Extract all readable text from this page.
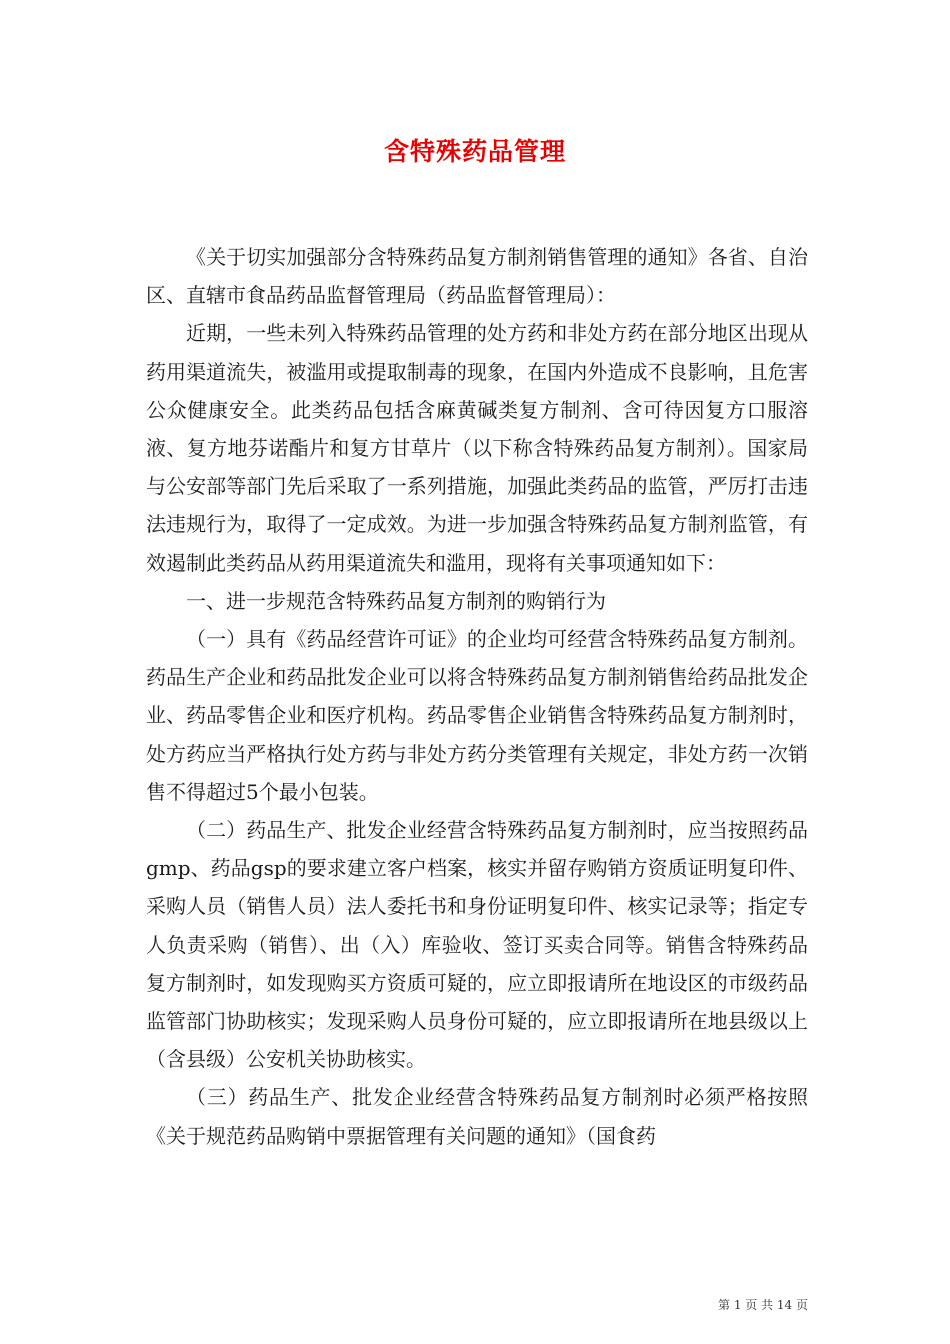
含特殊药品管理

《关于切实加强部分含特殊药品复方制剂销售管理的通知》各省、自治区、直辖市食品药品监督管理局（药品监督管理局）：

近期，一些未列入特殊药品管理的处方药和非处方药在部分地区出现从药用渠道流失，被滥用或提取制毒的现象，在国内外造成不良影响，且危害公众健康安全。此类药品包括含麻黄碱类复方制剂、含可待因复方口服溶液、复方地芬诺酯片和复方甘草片（以下称含特殊药品复方制剂）。国家局与公安部等部门先后采取了一系列措施，加强此类药品的监管，严厉打击违法违规行为，取得了一定成效。为进一步加强含特殊药品复方制剂监管，有效遏制此类药品从药用渠道流失和滥用，现将有关事项通知如下：

一、进一步规范含特殊药品复方制剂的购销行为

（一）具有《药品经营许可证》的企业均可经营含特殊药品复方制剂。药品生产企业和药品批发企业可以将含特殊药品复方制剂销售给药品批发企业、药品零售企业和医疗机构。药品零售企业销售含特殊药品复方制剂时，处方药应当严格执行处方药与非处方药分类管理有关规定，非处方药一次销售不得超过5个最小包装。

（二）药品生产、批发企业经营含特殊药品复方制剂时，应当按照药品gmp、药品gsp的要求建立客户档案，核实并留存购销方资质证明复印件、采购人员（销售人员）法人委托书和身份证明复印件、核实记录等；指定专人负责采购（销售）、出（入）库验收、签订买卖合同等。销售含特殊药品复方制剂时，如发现购买方资质可疑的，应立即报请所在地设区的市级药品监管部门协助核实；发现采购人员身份可疑的，应立即报请所在地县级以上（含县级）公安机关协助核实。

（三）药品生产、批发企业经营含特殊药品复方制剂时必须严格按照《关于规范药品购销中票据管理有关问题的通知》（国食药

第 1 页 共 14 页
